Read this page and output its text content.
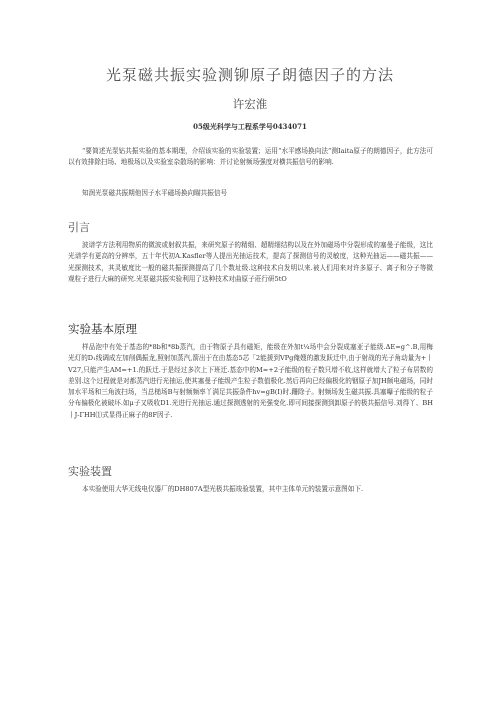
光泵磁共振实验测铆原子朗德因子的方法
许宏淮
05级光科学与工程系学号0434071

“要简述光泵钻共振实验的基本期理，介绍该实验的实验装置；运用“水平感场换向法”测Iaita原子的朗德因子，此方法可以有效排除扫场、地极场以及实验室杂散场的影响：并讨论射频场强度对横共振信号的影响.

知润光泵磁共振期他因子水平磁场换向瞄共振信号
引言

波谱学方法利用物质的微波或射叙共振，来研究原子的精细、超精细结构以及在外加磁场中分裂形成的塞曼子能级，这比光谱学有更高的分辨率，五十年代初A.Kasfler等人提出光抽运技术，提高了探测信号的灵敏度，这种光抽运——磁共振——光探测技术，其灵敏度比一般的磁共振探测提高了几个数址级.这种技术自发明以来.被人们用来对许多原子、离子和分子等微观粒子进行大麻的研究.光泵磁共振实验利用了这种技术对曲原子莊行研5tO

实验基本原理

样品泡中有处于基态的*8b和*8b蒸汽，由于物原子具有磁矩，能级在外加t¼场中会分裂成塞亚子能级.ΔE=g^.B,用梅光灯的D₁线调成左加削偶振龙,照射加蒸汽,箭出于在由基态5芯「2能援到VPg俺嫂的激发跃迁中,由于射战的光子角动量为+丨V27,只能产生AM=+1.的跃迁.于是经过多次上下班迁.基态中的M=+2子能级的粒子数只增不收,这样就增大了粒子布居数的差别.这个过程就是对都蒸汽进行光抽运,使其塞曼子能级产生粒子数值极化.然后再向已经偏极化的铟原子加JH颇电磁场，同时加水平场和三角波扫场，当总槌场B与射频频率丫满足共振条件hv=gB(I)时.跚除子。射频场发生磁共振.具塞曝子能级的粒子分布偏极化被破坏.如μ子又吸收D1.光进行光抽运.通过探测透射的光强变化.即可间接探测到卸原子的极共振信号.刘得丫、BH丨J-ΓΗΗ⑴式显得正麻子的8F因子.

实验装置

本实验使用大华无线电仪器厂的DH807A型光极共振竣验装置，其中主体单元的装置示意图如下.
